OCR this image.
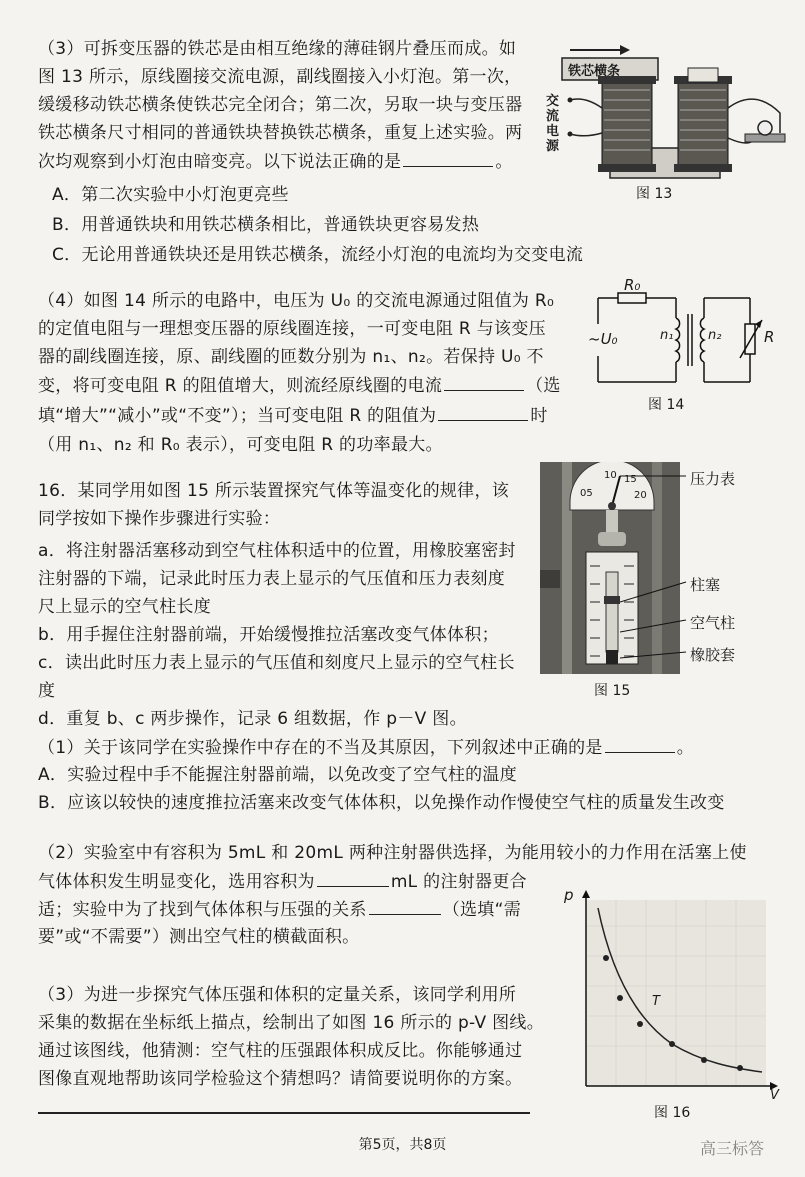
（3）可拆变压器的铁芯是由相互绝缘的薄硅钢片叠压而成。如
图 13 所示，原线圈接交流电源，副线圈接入小灯泡。第一次，
缓缓移动铁芯横条使铁芯完全闭合；第二次，另取一块与变压器
铁芯横条尺寸相同的普通铁块替换铁芯横条，重复上述实验。两
次均观察到小灯泡由暗变亮。以下说法正确的是	。
A．第二次实验中小灯泡更亮些
B．用普通铁块和用铁芯横条相比，普通铁块更容易发热
C．无论用普通铁块还是用铁芯横条，流经小灯泡的电流均为交变电流
铁芯横条
交
流
电
源
图 13
（4）如图 14 所示的电路中，电压为 U₀ 的交流电源通过阻值为 R₀
的定值电阻与一理想变压器的原线圈连接，一可变电阻 R 与该变压
器的副线圈连接，原、副线圈的匝数分别为 n₁、n₂。若保持 U₀ 不
变，将可变电阻 R 的阻值增大，则流经原线圈的电流	（选
填“增大”“减小”或“不变”）；当可变电阻 R 的阻值为	时
（用 n₁、n₂ 和 R₀ 表示），可变电阻 R 的功率最大。
R₀
~U₀	n₁	n₂	R
图 14
16．某同学用如图 15 所示装置探究气体等温变化的规律，该
同学按如下操作步骤进行实验：
a．将注射器活塞移动到空气柱体积适中的位置，用橡胶塞密封
注射器的下端，记录此时压力表上显示的气压值和压力表刻度
尺上显示的空气柱长度
b．用手握住注射器前端，开始缓慢推拉活塞改变气体体积；
c．读出此时压力表上显示的气压值和刻度尺上显示的空气柱长
度
d．重复 b、c 两步操作，记录 6 组数据，作 p－V 图。
（1）关于该同学在实验操作中存在的不当及其原因，下列叙述中正确的是	。
A．实验过程中手不能握注射器前端，以免改变了空气柱的温度
B．应该以较快的速度推拉活塞来改变气体体积，以免操作动作慢使空气柱的质量发生改变
10 15
05	20
压力表
柱塞
空气柱
橡胶套
图 15
（2）实验室中有容积为 5mL 和 20mL 两种注射器供选择，为能用较小的力作用在活塞上使
气体体积发生明显变化，选用容积为	mL 的注射器更合
适；实验中为了找到气体体积与压强的关系	（选填“需
要”或“不需要”）测出空气柱的横截面积。
（3）为进一步探究气体压强和体积的定量关系，该同学利用所
采集的数据在坐标纸上描点，绘制出了如图 16 所示的 p-V 图线。
通过该图线，他猜测：空气柱的压强跟体积成反比。你能够通过
图像直观地帮助该同学检验这个猜想吗？请简要说明你的方案。
p
V
T
图 16
第5页，共8页	高三标答
